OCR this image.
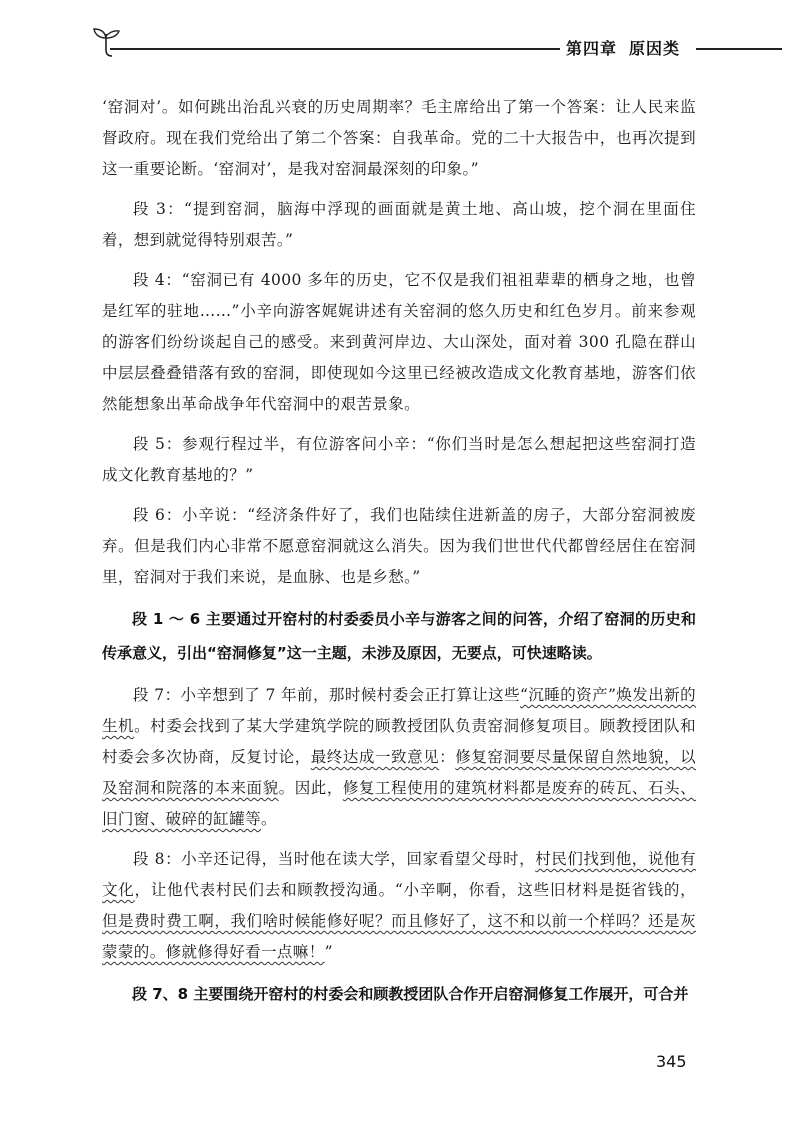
第四章 原因类

‘窑洞对’。如何跳出治乱兴衰的历史周期率？毛主席给出了第一个答案：让人民来监督政府。现在我们党给出了第二个答案：自我革命。党的二十大报告中，也再次提到这一重要论断。‘窑洞对’，是我对窑洞最深刻的印象。”

段 3：“提到窑洞，脑海中浮现的画面就是黄土地、高山坡，挖个洞在里面住着，想到就觉得特别艰苦。”

段 4：“窑洞已有 4000 多年的历史，它不仅是我们祖祖辈辈的栖身之地，也曾是红军的驻地……”小辛向游客娓娓讲述有关窑洞的悠久历史和红色岁月。前来参观的游客们纷纷谈起自己的感受。来到黄河岸边、大山深处，面对着 300 孔隐在群山中层层叠叠错落有致的窑洞，即使现如今这里已经被改造成文化教育基地，游客们依然能想象出革命战争年代窑洞中的艰苦景象。

段 5：参观行程过半，有位游客问小辛：“你们当时是怎么想起把这些窑洞打造成文化教育基地的？”

段 6：小辛说：“经济条件好了，我们也陆续住进新盖的房子，大部分窑洞被废弃。但是我们内心非常不愿意窑洞就这么消失。因为我们世世代代都曾经居住在窑洞里，窑洞对于我们来说，是血脉、也是乡愁。”

段 1 ～ 6 主要通过开窑村的村委委员小辛与游客之间的问答，介绍了窑洞的历史和传承意义，引出“窑洞修复”这一主题，未涉及原因，无要点，可快速略读。

段 7：小辛想到了 7 年前，那时候村委会正打算让这些“沉睡的资产”焕发出新的生机。村委会找到了某大学建筑学院的顾教授团队负责窑洞修复项目。顾教授团队和村委会多次协商，反复讨论，最终达成一致意见：修复窑洞要尽量保留自然地貌，以及窑洞和院落的本来面貌。因此，修复工程使用的建筑材料都是废弃的砖瓦、石头、旧门窗、破碎的缸罐等。

段 8：小辛还记得，当时他在读大学，回家看望父母时，村民们找到他，说他有文化，让他代表村民们去和顾教授沟通。“小辛啊，你看，这些旧材料是挺省钱的，但是费时费工啊，我们啥时候能修好呢？而且修好了，这不和以前一个样吗？还是灰蒙蒙的。修就修得好看一点嘛！”

段 7、8 主要围绕开窑村的村委会和顾教授团队合作开启窑洞修复工作展开，可合并

345
